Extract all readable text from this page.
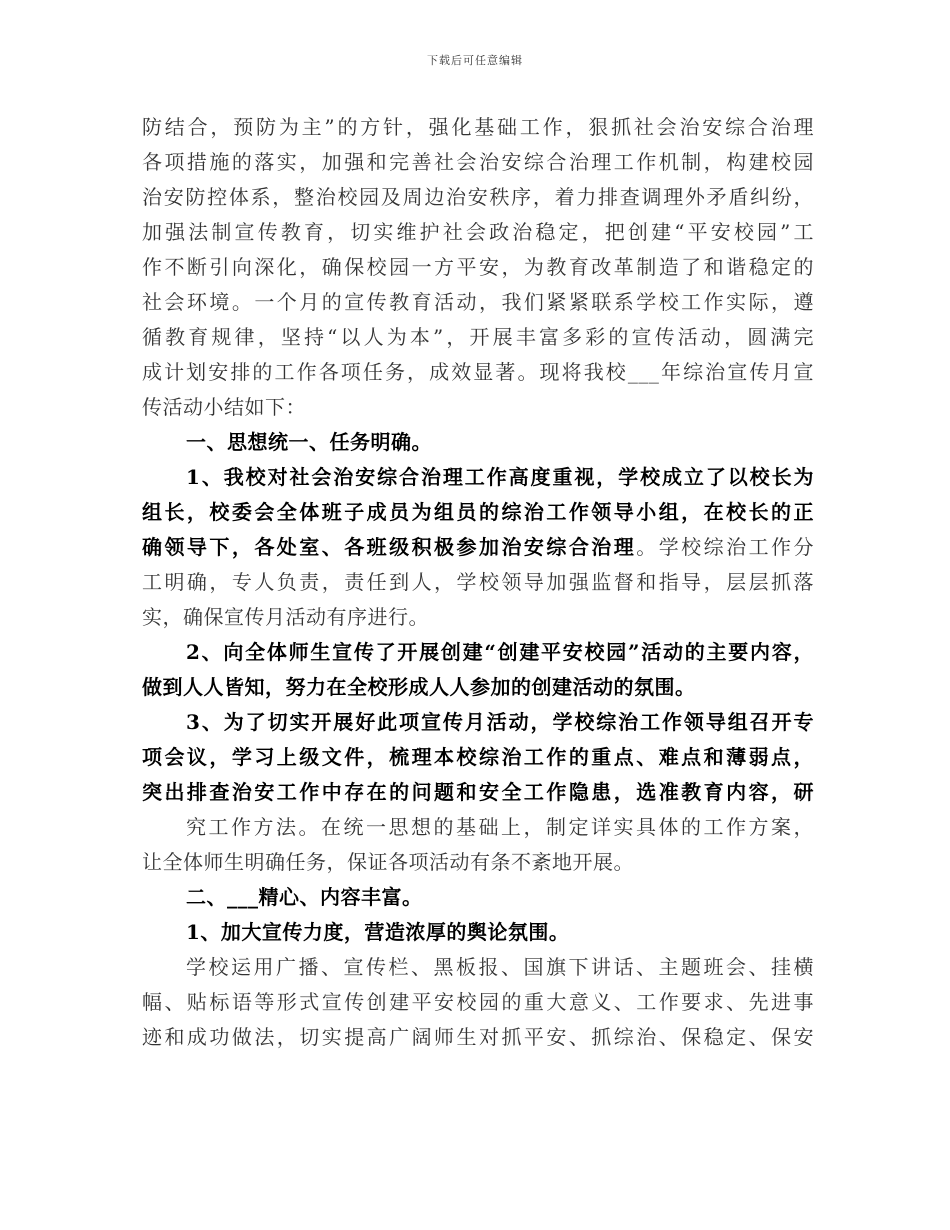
下载后可任意编辑
防结合，预防为主”的方针，强化基础工作，狠抓社会治安综合治理
各项措施的落实，加强和完善社会治安综合治理工作机制，构建校园
治安防控体系，整治校园及周边治安秩序，着力排查调理外矛盾纠纷，
加强法制宣传教育，切实维护社会政治稳定，把创建“平安校园”工
作不断引向深化，确保校园一方平安，为教育改革制造了和谐稳定的
社会环境。一个月的宣传教育活动，我们紧紧联系学校工作实际，遵
循教育规律，坚持“以人为本”，开展丰富多彩的宣传活动，圆满完
成计划安排的工作各项任务，成效显著。现将我校___年综治宣传月宣
传活动小结如下：
一、思想统一、任务明确。
1、我校对社会治安综合治理工作高度重视，学校成立了以校长为
组长，校委会全体班子成员为组员的综治工作领导小组，在校长的正
确领导下，各处室、各班级积极参加治安综合治理。学校综治工作分
工明确，专人负责，责任到人，学校领导加强监督和指导，层层抓落
实，确保宣传月活动有序进行。
2、向全体师生宣传了开展创建“创建平安校园”活动的主要内容，
做到人人皆知，努力在全校形成人人参加的创建活动的氛围。
3、为了切实开展好此项宣传月活动，学校综治工作领导组召开专
项会议，学习上级文件，梳理本校综治工作的重点、难点和薄弱点，
突出排查治安工作中存在的问题和安全工作隐患，选准教育内容，研
究工作方法。在统一思想的基础上，制定详实具体的工作方案，
让全体师生明确任务，保证各项活动有条不紊地开展。
二、___精心、内容丰富。
1、加大宣传力度，营造浓厚的舆论氛围。
学校运用广播、宣传栏、黑板报、国旗下讲话、主题班会、挂横
幅、贴标语等形式宣传创建平安校园的重大意义、工作要求、先进事
迹和成功做法，切实提高广阔师生对抓平安、抓综治、保稳定、保安
